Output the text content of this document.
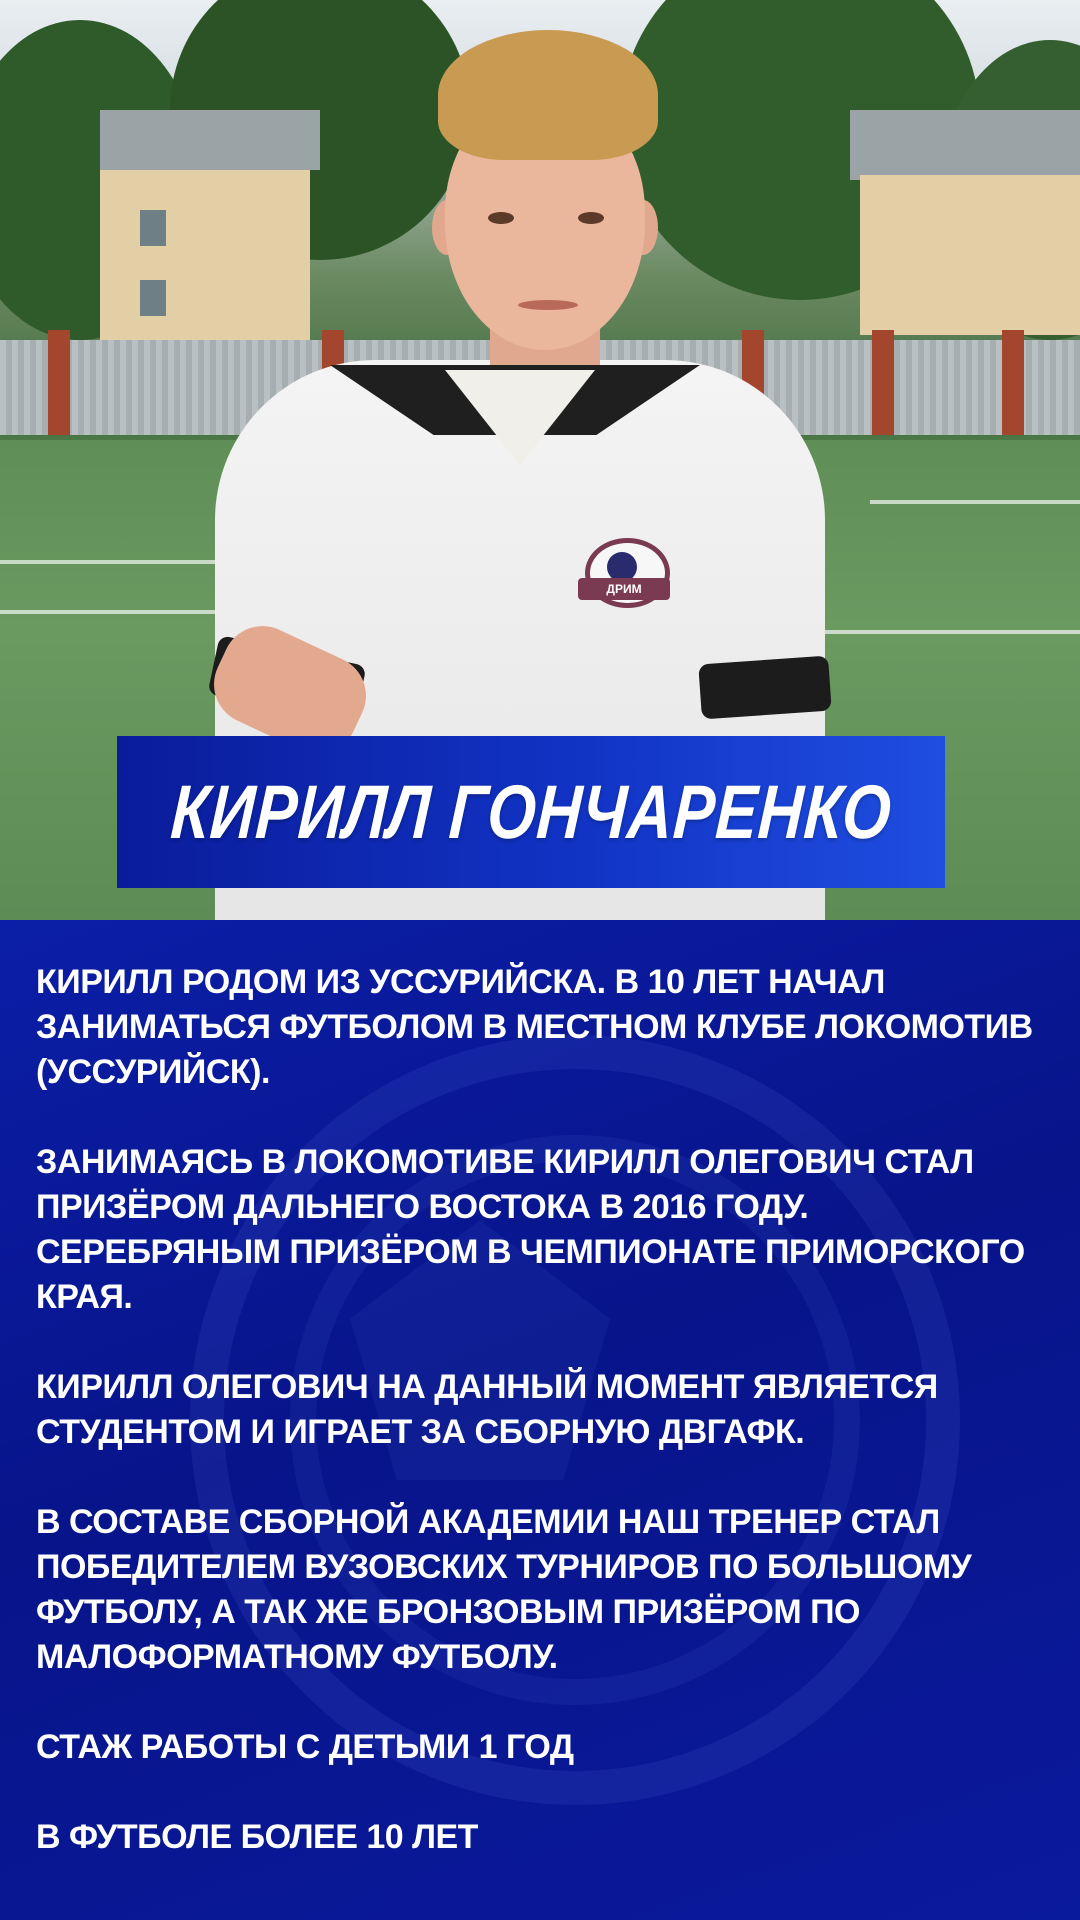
ДРИМ
КИРИЛЛ ГОНЧАРЕНКО

КИРИЛЛ РОДОМ ИЗ УССУРИЙСКА. В 10 ЛЕТ НАЧАЛ ЗАНИМАТЬСЯ ФУТБОЛОМ В МЕСТНОМ КЛУБЕ ЛОКОМОТИВ (УССУРИЙСК).

ЗАНИМАЯСЬ В ЛОКОМОТИВЕ КИРИЛЛ ОЛЕГОВИЧ СТАЛ ПРИЗЁРОМ ДАЛЬНЕГО ВОСТОКА В 2016 ГОДУ. СЕРЕБРЯНЫМ ПРИЗЁРОМ В ЧЕМПИОНАТЕ ПРИМОРСКОГО КРАЯ.

КИРИЛЛ ОЛЕГОВИЧ НА ДАННЫЙ МОМЕНТ ЯВЛЯЕТСЯ СТУДЕНТОМ И ИГРАЕТ ЗА СБОРНУЮ ДВГАФК.

В СОСТАВЕ СБОРНОЙ АКАДЕМИИ НАШ ТРЕНЕР СТАЛ ПОБЕДИТЕЛЕМ ВУЗОВСКИХ ТУРНИРОВ ПО БОЛЬШОМУ ФУТБОЛУ, А ТАК ЖЕ БРОНЗОВЫМ ПРИЗЁРОМ ПО МАЛОФОРМАТНОМУ ФУТБОЛУ.

СТАЖ РАБОТЫ С ДЕТЬМИ 1 ГОД

В ФУТБОЛЕ БОЛЕЕ 10 ЛЕТ
